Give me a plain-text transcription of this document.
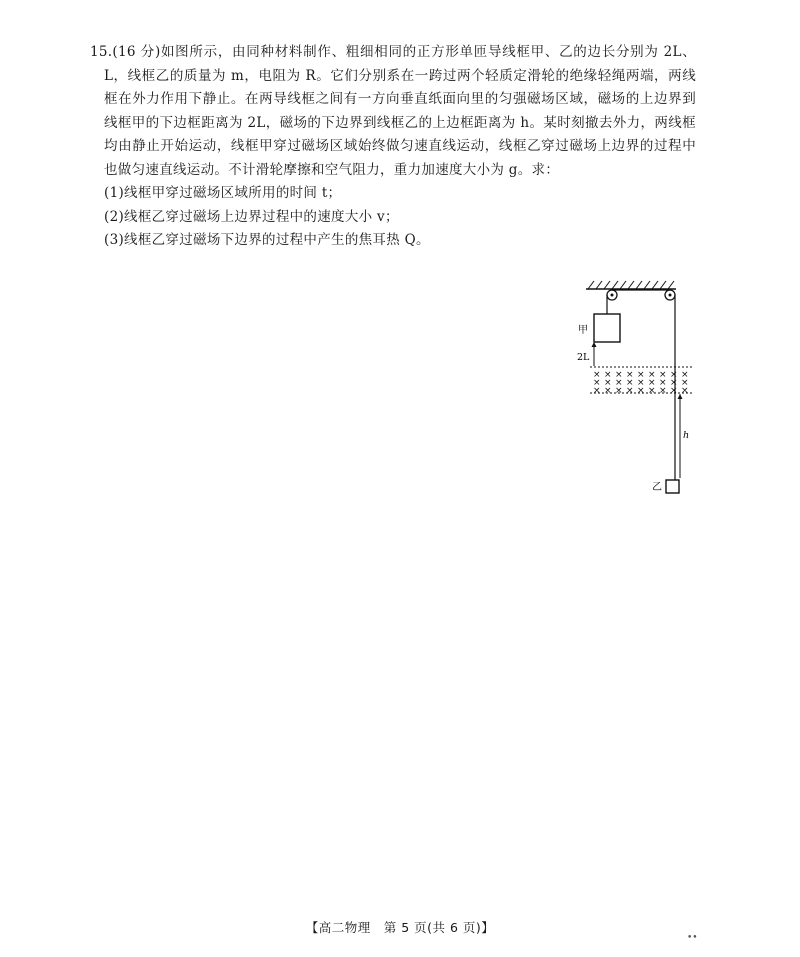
15.(16 分)如图所示，由同种材料制作、粗细相同的正方形单匝导线框甲、乙的边长分别为 2L、L，线框乙的质量为 m，电阻为 R。它们分别系在一跨过两个轻质定滑轮的绝缘轻绳两端，两线框在外力作用下静止。在两导线框之间有一方向垂直纸面向里的匀强磁场区域，磁场的上边界到线框甲的下边框距离为 2L，磁场的下边界到线框乙的上边框距离为 h。某时刻撤去外力，两线框均由静止开始运动，线框甲穿过磁场区域始终做匀速直线运动，线框乙穿过磁场上边界的过程中也做匀速直线运动。不计滑轮摩擦和空气阻力，重力加速度大小为 g。求：

(1)线框甲穿过磁场区域所用的时间 t；

(2)线框乙穿过磁场上边界过程中的速度大小 v；

(3)线框乙穿过磁场下边界的过程中产生的焦耳热 Q。

甲
2L
× × × × × × × × ×
× × × × × × × × ×
× × × × × × × × ×
h
乙
【高二物理　第 5 页(共 6 页)】
••
